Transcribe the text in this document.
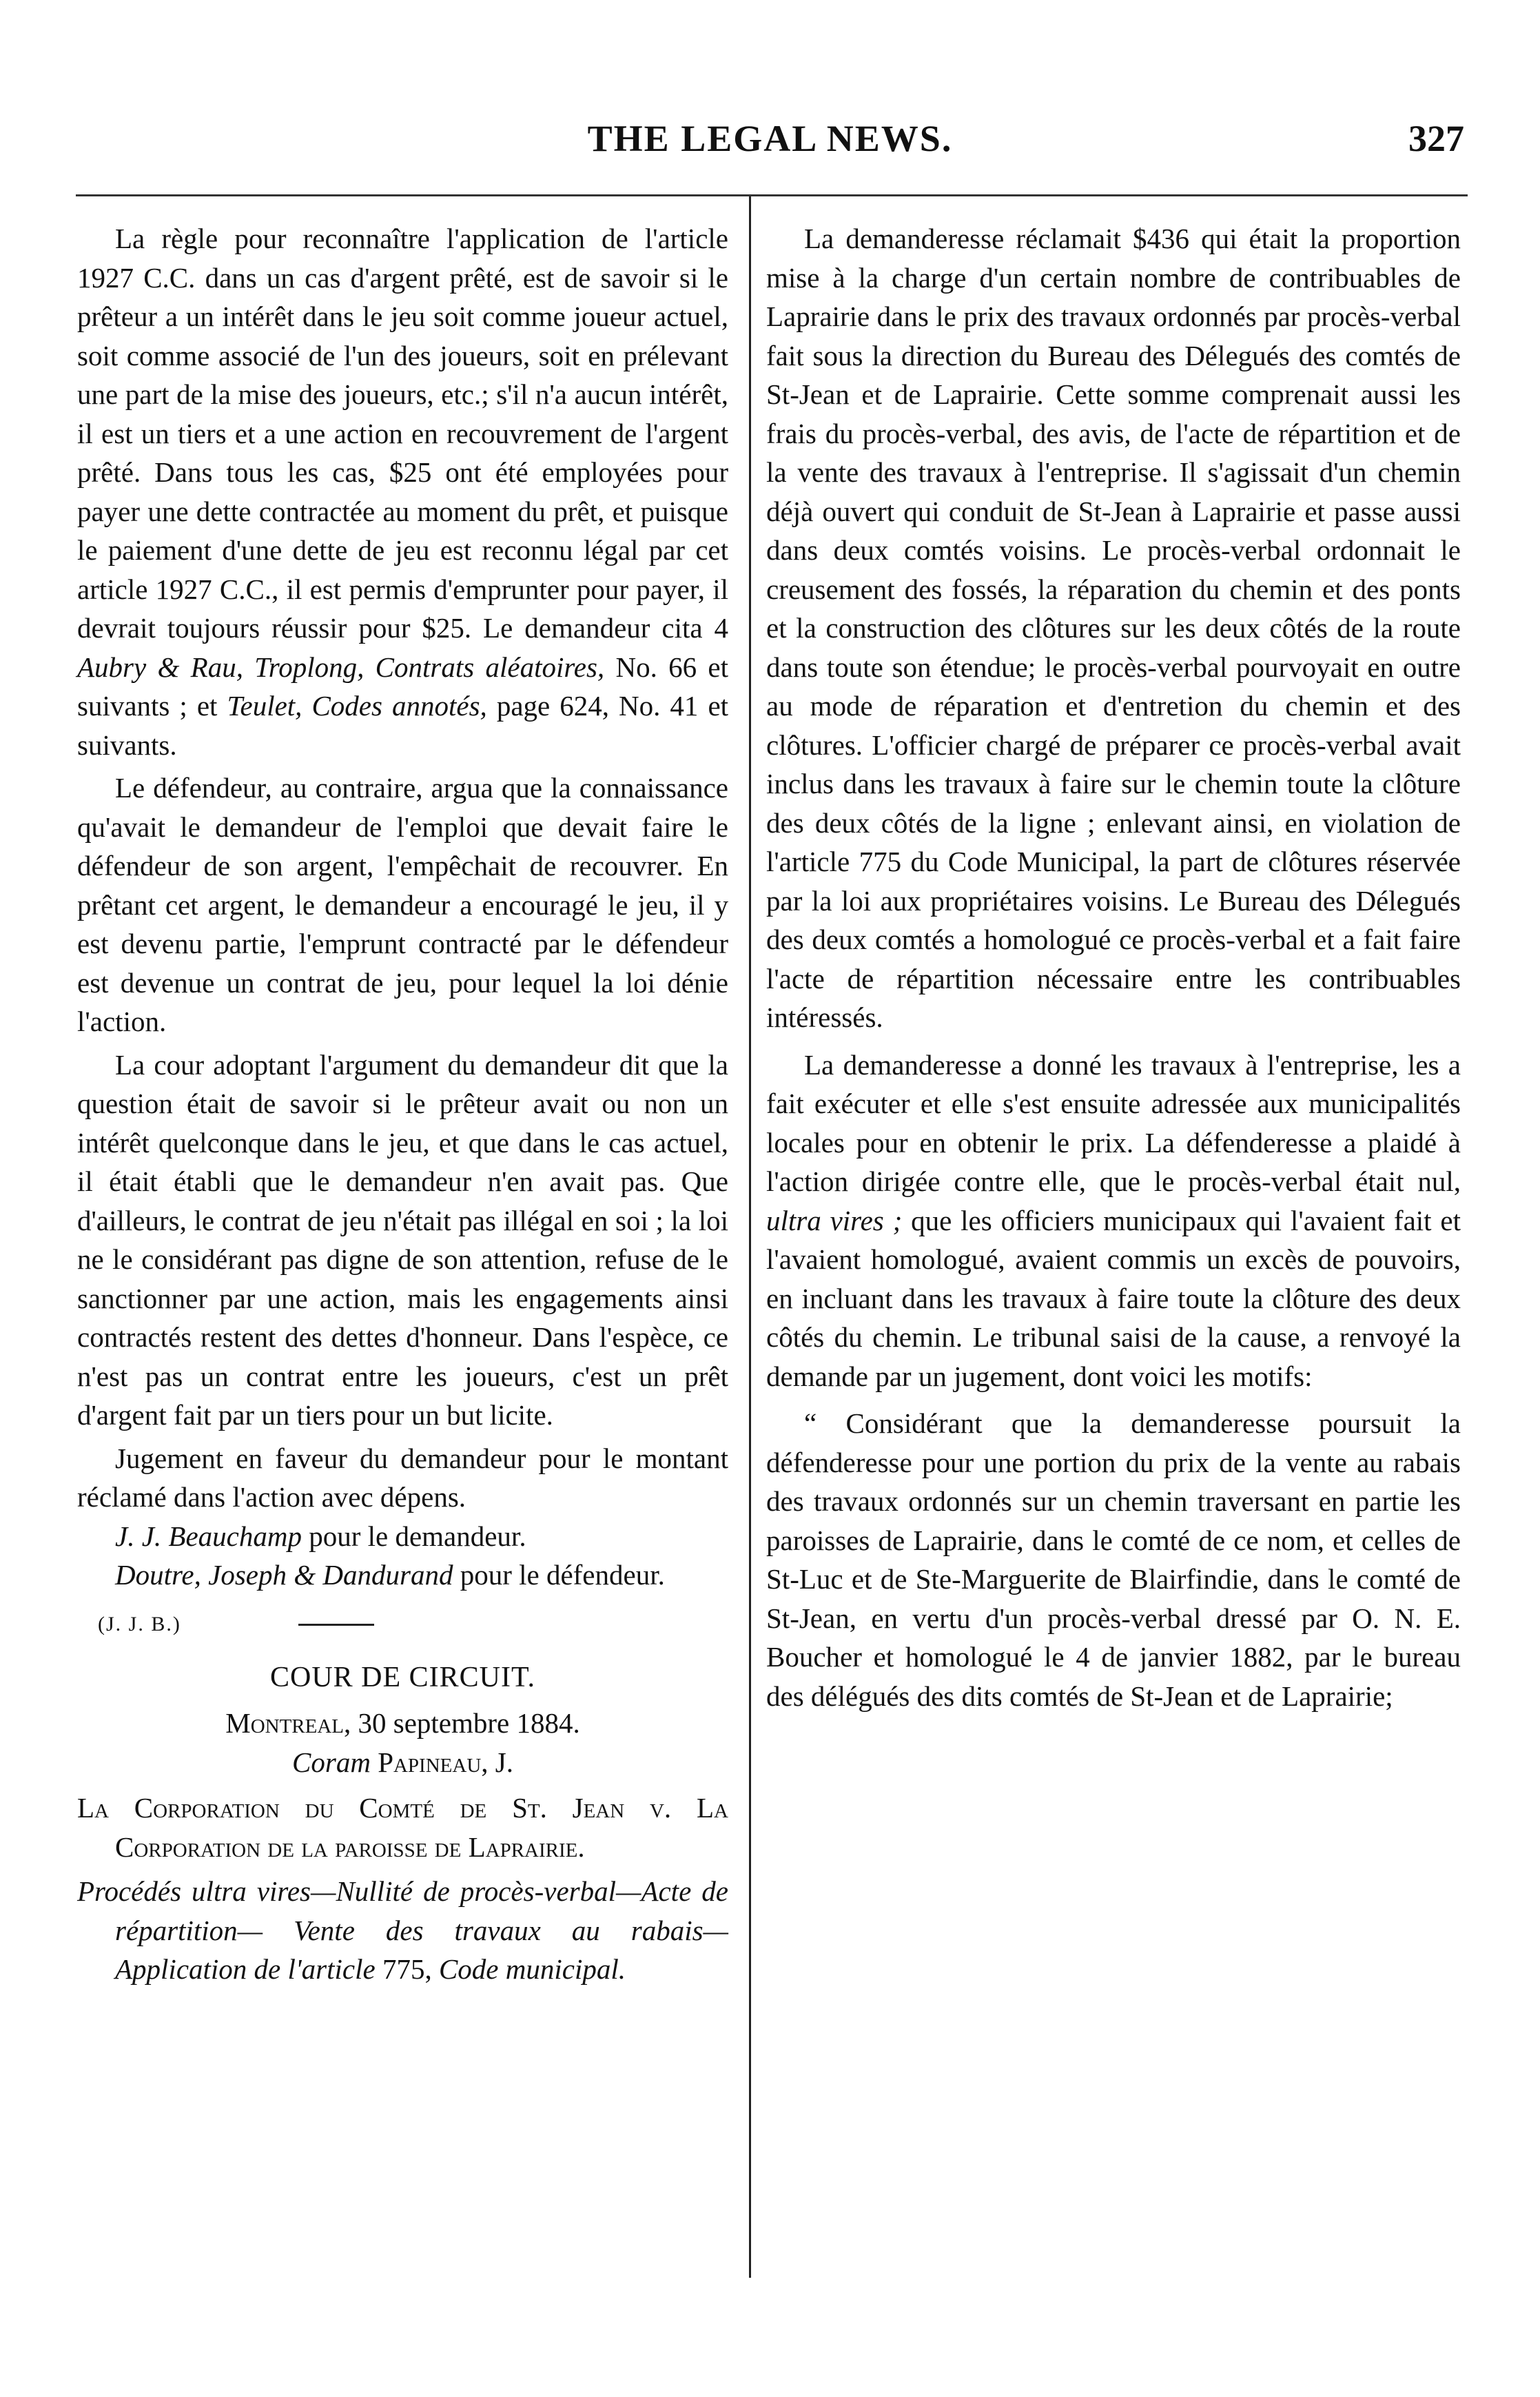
THE LEGAL NEWS.	327

La règle pour reconnaître l'application de l'article 1927 C.C. dans un cas d'argent prêté, est de savoir si le prêteur a un intérêt dans le jeu soit comme joueur actuel, soit comme associé de l'un des joueurs, soit en prélevant une part de la mise des joueurs, etc.; s'il n'a aucun intérêt, il est un tiers et a une action en recouvrement de l'argent prêté. Dans tous les cas, $25 ont été employées pour payer une dette contractée au moment du prêt, et puisque le paiement d'une dette de jeu est reconnu légal par cet article 1927 C.C., il est permis d'emprunter pour payer, il devrait toujours réussir pour $25. Le demandeur cita 4 Aubry & Rau, Troplong, Contrats aléatoires, No. 66 et suivants ; et Teulet, Codes annotés, page 624, No. 41 et suivants.

Le défendeur, au contraire, argua que la connaissance qu'avait le demandeur de l'emploi que devait faire le défendeur de son argent, l'empêchait de recouvrer. En prêtant cet argent, le demandeur a encouragé le jeu, il y est devenu partie, l'emprunt contracté par le défendeur est devenue un contrat de jeu, pour lequel la loi dénie l'action.

La cour adoptant l'argument du demandeur dit que la question était de savoir si le prêteur avait ou non un intérêt quelconque dans le jeu, et que dans le cas actuel, il était établi que le demandeur n'en avait pas. Que d'ailleurs, le contrat de jeu n'était pas illégal en soi ; la loi ne le considérant pas digne de son attention, refuse de le sanctionner par une action, mais les engagements ainsi contractés restent des dettes d'honneur. Dans l'espèce, ce n'est pas un contrat entre les joueurs, c'est un prêt d'argent fait par un tiers pour un but licite.

Jugement en faveur du demandeur pour le montant réclamé dans l'action avec dépens.

J. J. Beauchamp pour le demandeur.

Doutre, Joseph & Dandurand pour le défendeur.

(J. J. B.)
COUR DE CIRCUIT.
Montreal, 30 septembre 1884.
Coram Papineau, J.

La Corporation du Comté de St. Jean v. La Corporation de la paroisse de Laprairie.

Procédés ultra vires—Nullité de procès-verbal—Acte de répartition— Vente des travaux au rabais—Application de l'article 775, Code municipal.

La demanderesse réclamait $436 qui était la proportion mise à la charge d'un certain nombre de contribuables de Laprairie dans le prix des travaux ordonnés par procès-verbal fait sous la direction du Bureau des Délegués des comtés de St-Jean et de Laprairie. Cette somme comprenait aussi les frais du procès-verbal, des avis, de l'acte de répartition et de la vente des travaux à l'entreprise. Il s'agissait d'un chemin déjà ouvert qui conduit de St-Jean à Laprairie et passe aussi dans deux comtés voisins. Le procès-verbal ordonnait le creusement des fossés, la réparation du chemin et des ponts et la construction des clôtures sur les deux côtés de la route dans toute son étendue; le procès-verbal pourvoyait en outre au mode de réparation et d'entretion du chemin et des clôtures. L'officier chargé de préparer ce procès-verbal avait inclus dans les travaux à faire sur le chemin toute la clôture des deux côtés de la ligne ; enlevant ainsi, en violation de l'article 775 du Code Municipal, la part de clôtures réservée par la loi aux propriétaires voisins. Le Bureau des Délegués des deux comtés a homologué ce procès-verbal et a fait faire l'acte de répartition nécessaire entre les contribuables intéressés.

La demanderesse a donné les travaux à l'entreprise, les a fait exécuter et elle s'est ensuite adressée aux municipalités locales pour en obtenir le prix. La défenderesse a plaidé à l'action dirigée contre elle, que le procès-verbal était nul, ultra vires ; que les officiers municipaux qui l'avaient fait et l'avaient homologué, avaient commis un excès de pouvoirs, en incluant dans les travaux à faire toute la clôture des deux côtés du chemin. Le tribunal saisi de la cause, a renvoyé la demande par un jugement, dont voici les motifs:

“ Considérant que la demanderesse poursuit la défenderesse pour une portion du prix de la vente au rabais des travaux ordonnés sur un chemin traversant en partie les paroisses de Laprairie, dans le comté de ce nom, et celles de St-Luc et de Ste-Marguerite de Blairfindie, dans le comté de St-Jean, en vertu d'un procès-verbal dressé par O. N. E. Boucher et homologué le 4 de janvier 1882, par le bureau des délégués des dits comtés de St-Jean et de Laprairie;
